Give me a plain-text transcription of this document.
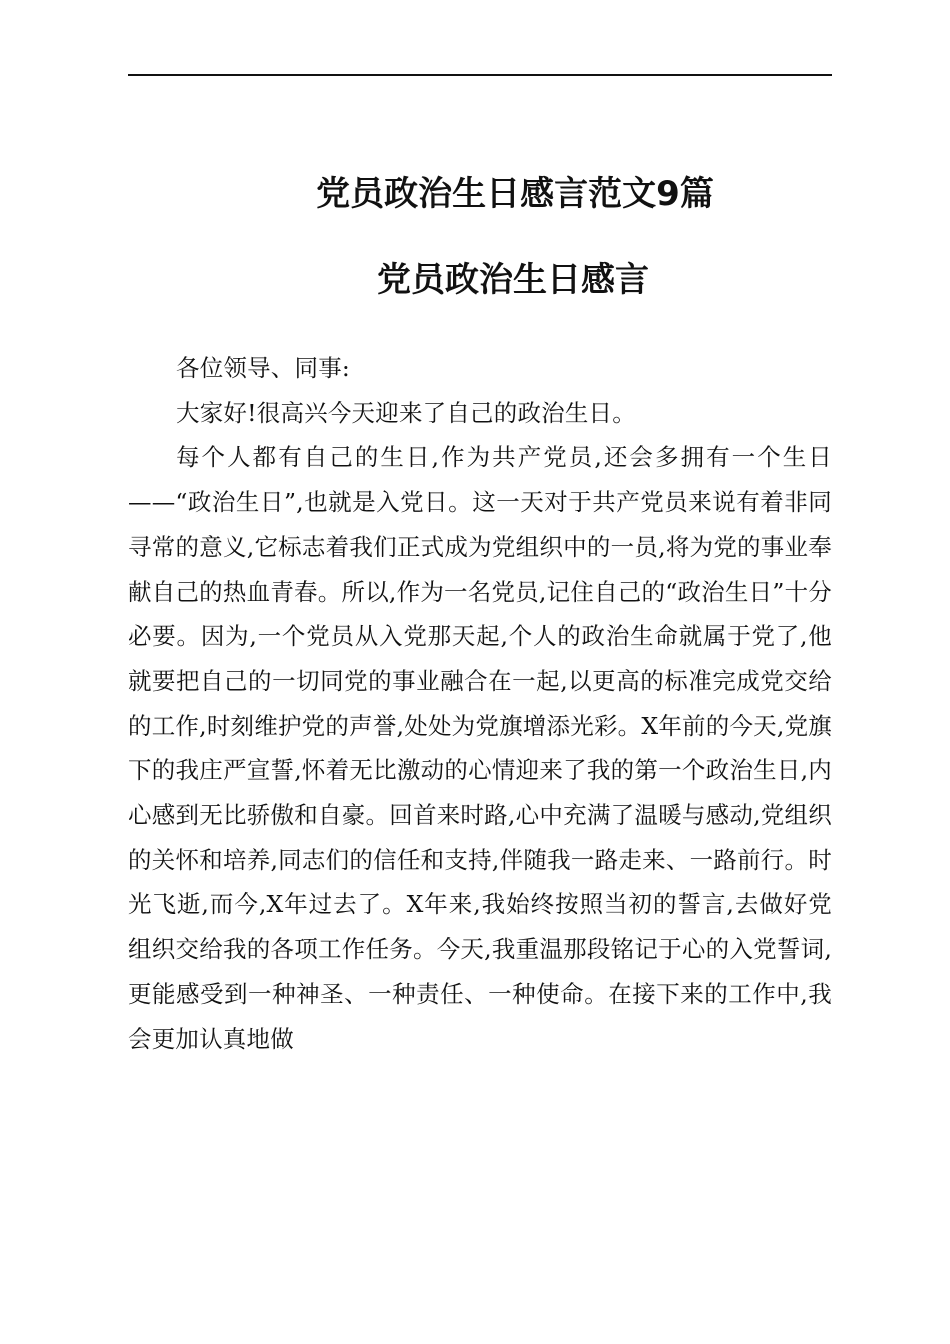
党员政治生日感言范文9篇
党员政治生日感言

各位领导、同事:

大家好!很高兴今天迎来了自己的政治生日。

每个人都有自己的生日,作为共产党员,还会多拥有一个生日——“政治生日”,也就是入党日。这一天对于共产党员来说有着非同寻常的意义,它标志着我们正式成为党组织中的一员,将为党的事业奉献自己的热血青春。所以,作为一名党员,记住自己的“政治生日”十分必要。因为,一个党员从入党那天起,个人的政治生命就属于党了,他就要把自己的一切同党的事业融合在一起,以更高的标准完成党交给的工作,时刻维护党的声誉,处处为党旗增添光彩。X年前的今天,党旗下的我庄严宣誓,怀着无比激动的心情迎来了我的第一个政治生日,内心感到无比骄傲和自豪。回首来时路,心中充满了温暖与感动,党组织的关怀和培养,同志们的信任和支持,伴随我一路走来、一路前行。时光飞逝,而今,X年过去了。X年来,我始终按照当初的誓言,去做好党组织交给我的各项工作任务。今天,我重温那段铭记于心的入党誓词,更能感受到一种神圣、一种责任、一种使命。在接下来的工作中,我会更加认真地做
